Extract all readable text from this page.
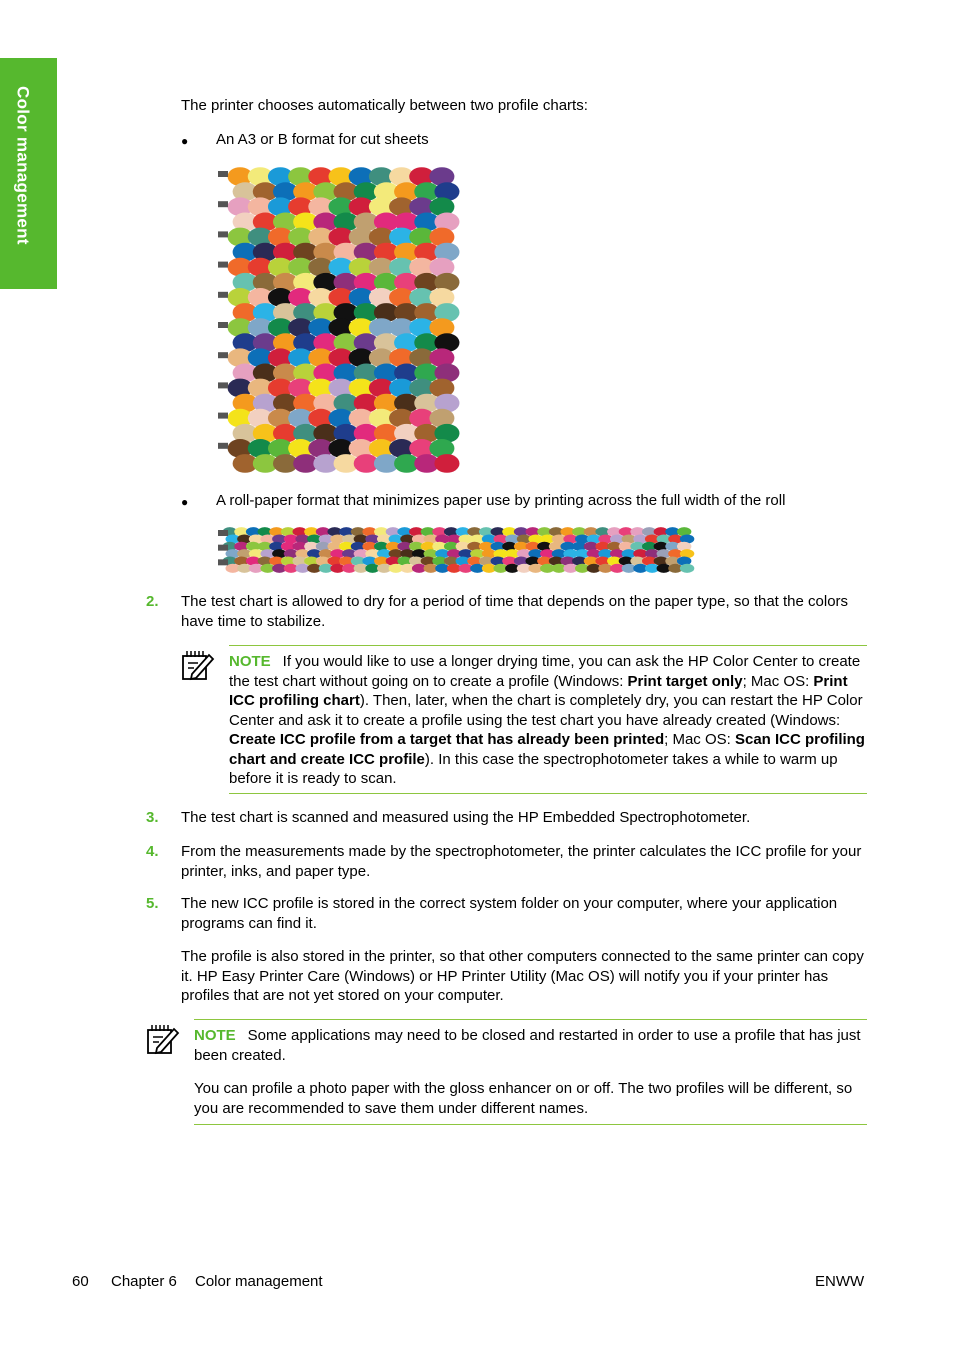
Color management	The printer chooses automatically between two profile charts:

● An A3 or B format for cut sheets

● A roll-paper format that minimizes paper use by printing across the full width of the roll

2. The test chart is allowed to dry for a period of time that depends on the paper type, so that the colors have time to stabilize.

NOTE If you would like to use a longer drying time, you can ask the HP Color Center to create the test chart without going on to create a profile (Windows: Print target only; Mac OS: Print ICC profiling chart). Then, later, when the chart is completely dry, you can restart the HP Color Center and ask it to create a profile using the test chart you have already created (Windows: Create ICC profile from a target that has already been printed; Mac OS: Scan ICC profiling chart and create ICC profile). In this case the spectrophotometer takes a while to warm up before it is ready to scan.

3. The test chart is scanned and measured using the HP Embedded Spectrophotometer.

4. From the measurements made by the spectrophotometer, the printer calculates the ICC profile for your printer, inks, and paper type.

5. The new ICC profile is stored in the correct system folder on your computer, where your application programs can find it.

The profile is also stored in the printer, so that other computers connected to the same printer can copy it. HP Easy Printer Care (Windows) or HP Printer Utility (Mac OS) will notify you if your printer has profiles that are not yet stored on your computer.

NOTE Some applications may need to be closed and restarted in order to use a profile that has just been created.

You can profile a photo paper with the gloss enhancer on or off. The two profiles will be different, so you are recommended to save them under different names.

60 Chapter 6 Color management	ENWW
